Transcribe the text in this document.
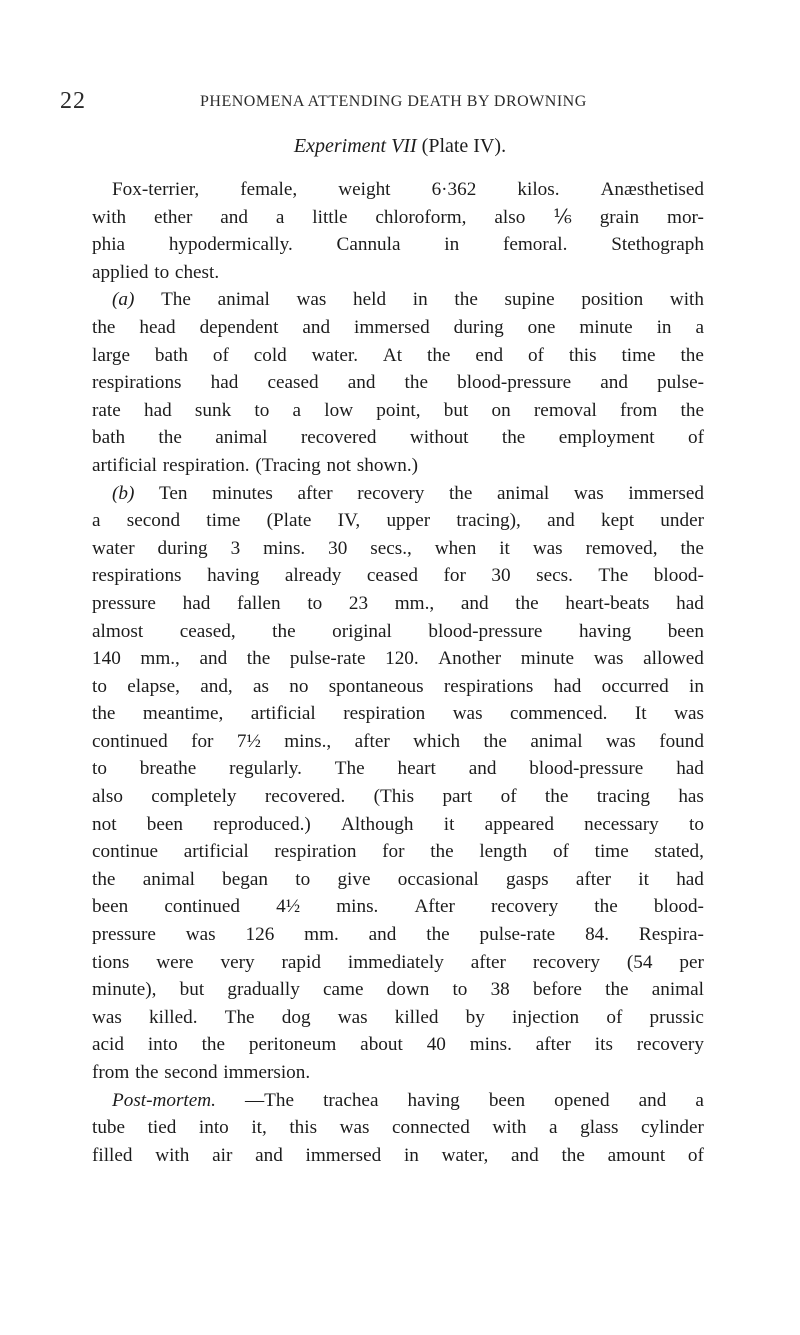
22	PHENOMENA ATTENDING DEATH BY DROWNING
Experiment VII (Plate IV).
Fox-terrier, female, weight 6·362 kilos. Anæsthetised
with ether and a little chloroform, also ⅙ grain mor-
phia hypodermically. Cannula in femoral. Stethograph
applied to chest.
(a) The animal was held in the supine position with
the head dependent and immersed during one minute in a
large bath of cold water. At the end of this time the
respirations had ceased and the blood-pressure and pulse-
rate had sunk to a low point, but on removal from the
bath the animal recovered without the employment of
artificial respiration. (Tracing not shown.)
(b) Ten minutes after recovery the animal was immersed
a second time (Plate IV, upper tracing), and kept under
water during 3 mins. 30 secs., when it was removed, the
respirations having already ceased for 30 secs. The blood-
pressure had fallen to 23 mm., and the heart-beats had
almost ceased, the original blood-pressure having been
140 mm., and the pulse-rate 120. Another minute was allowed
to elapse, and, as no spontaneous respirations had occurred in
the meantime, artificial respiration was commenced. It was
continued for 7½ mins., after which the animal was found
to breathe regularly. The heart and blood-pressure had
also completely recovered. (This part of the tracing has
not been reproduced.) Although it appeared necessary to
continue artificial respiration for the length of time stated,
the animal began to give occasional gasps after it had
been continued 4½ mins. After recovery the blood-
pressure was 126 mm. and the pulse-rate 84. Respira-
tions were very rapid immediately after recovery (54 per
minute), but gradually came down to 38 before the animal
was killed. The dog was killed by injection of prussic
acid into the peritoneum about 40 mins. after its recovery
from the second immersion.
Post-mortem. —The trachea having been opened and a
tube tied into it, this was connected with a glass cylinder
filled with air and immersed in water, and the amount of
